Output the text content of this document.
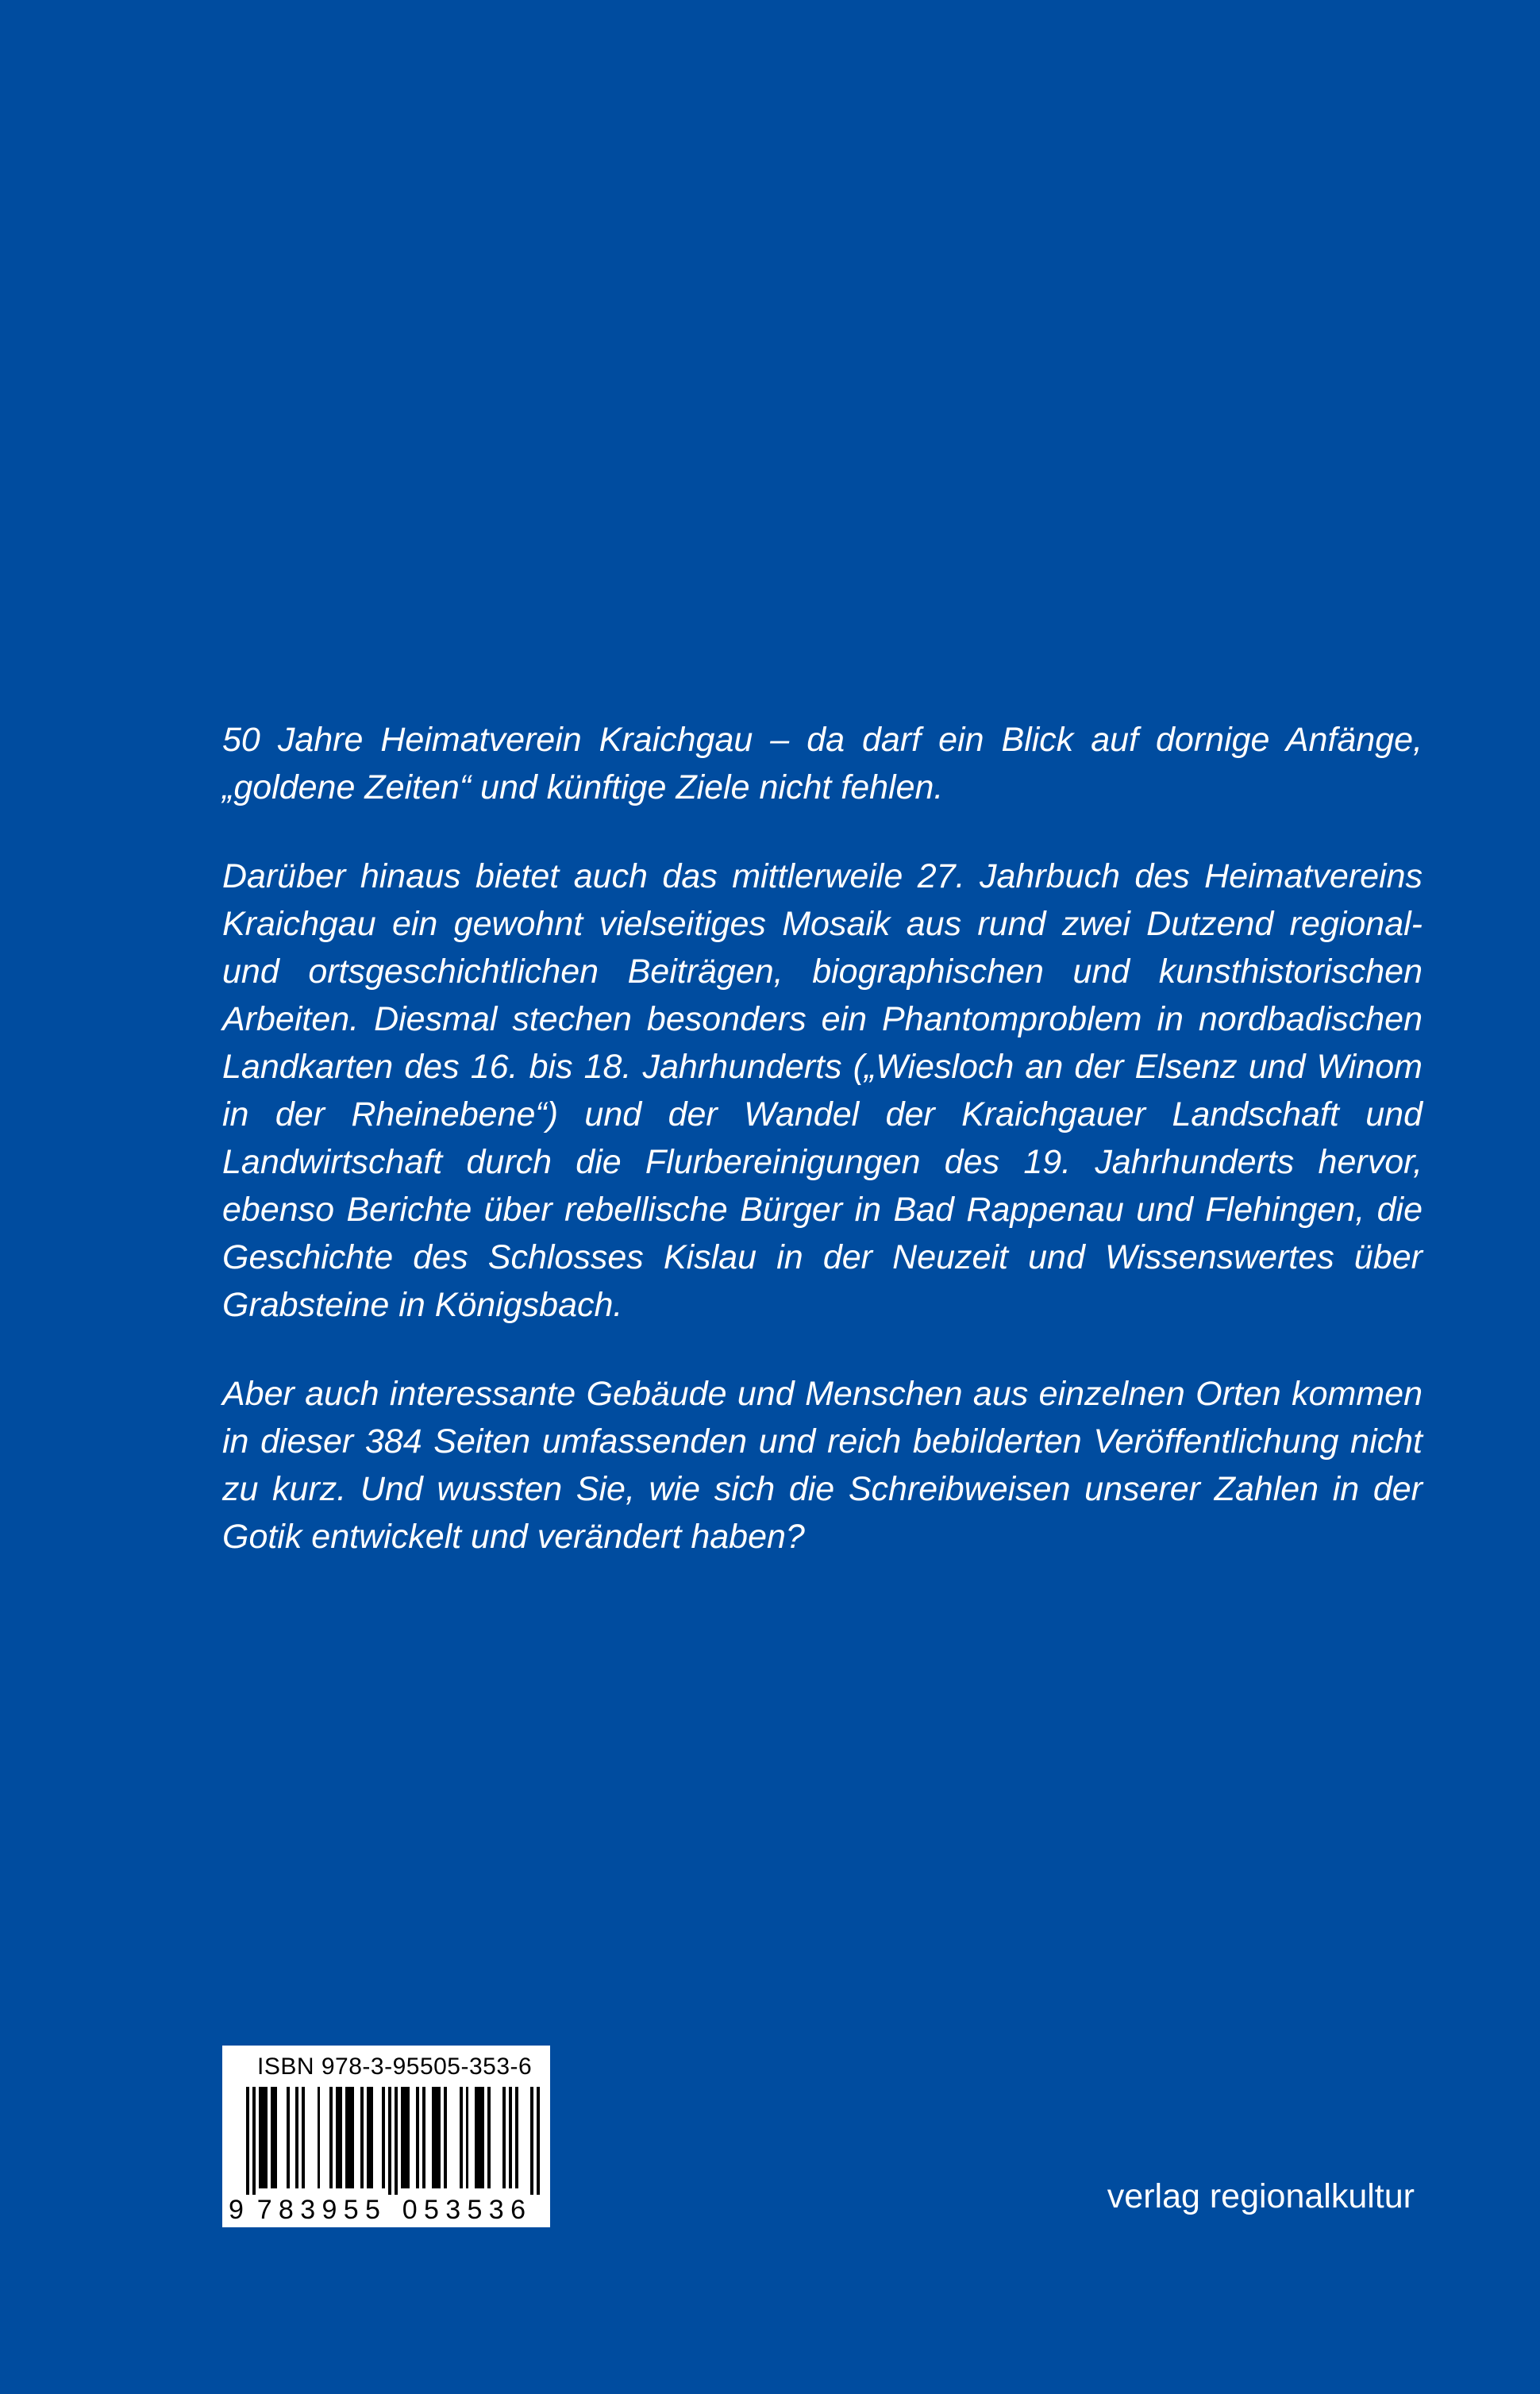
50 Jahre Heimatverein Kraichgau – da darf ein Blick auf dornige Anfänge, „goldene Zeiten“ und künftige Ziele nicht fehlen.

Darüber hinaus bietet auch das mittlerweile 27. Jahrbuch des Heimatvereins Kraichgau ein gewohnt vielseitiges Mosaik aus rund zwei Dutzend regional- und ortsgeschichtlichen Beiträgen, biographischen und kunsthistorischen Arbeiten. Diesmal stechen besonders ein Phantomproblem in nordbadischen Landkarten des 16. bis 18. Jahrhunderts („Wiesloch an der Elsenz und Winom in der Rheinebene“) und der Wandel der Kraichgauer Landschaft und Landwirtschaft durch die Flurbereinigungen des 19. Jahrhunderts hervor, ebenso Berichte über rebellische Bürger in Bad Rappenau und Flehingen, die Geschichte des Schlosses Kislau in der Neuzeit und Wissenswertes über Grabsteine in Königsbach.

Aber auch interessante Gebäude und Menschen aus einzelnen Orten kommen in dieser 384 Seiten umfassenden und reich bebilderten Veröffentlichung nicht zu kurz. Und wussten Sie, wie sich die Schreibweisen unserer Zahlen in der Gotik entwickelt und verändert haben?

ISBN 978-3-95505-353-6
9 7 8 3 9 5 5 0 5 3 5 3 6	verlag regionalkultur
